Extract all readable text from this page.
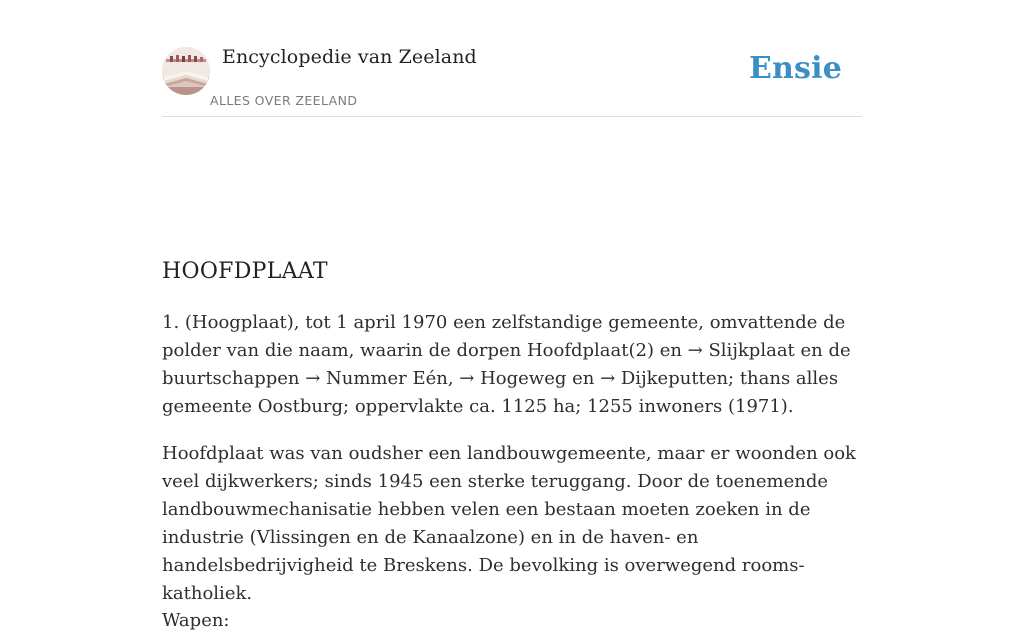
Encyclopedie van Zeeland
ALLES OVER ZEELAND
Ensie
HOOFDPLAAT

1. (Hoogplaat), tot 1 april 1970 een zelfstandige gemeente, omvattende de polder van die naam, waarin de dorpen Hoofdplaat(2) en → Slijkplaat en de buurtschappen → Nummer Eén, → Hogeweg en → Dijkeputten; thans alles gemeente Oostburg; oppervlakte ca. 1125 ha; 1255 inwoners (1971).

Hoofdplaat was van oudsher een landbouwgemeente, maar er woonden ook veel dijkwerkers; sinds 1945 een sterke teruggang. Door de toenemende landbouwmechanisatie hebben velen een bestaan moeten zoeken in de industrie (Vlissingen en de Kanaalzone) en in de haven- en handelsbedrijvigheid te Breskens. De bevolking is overwegend rooms-katholiek.

Wapen:
